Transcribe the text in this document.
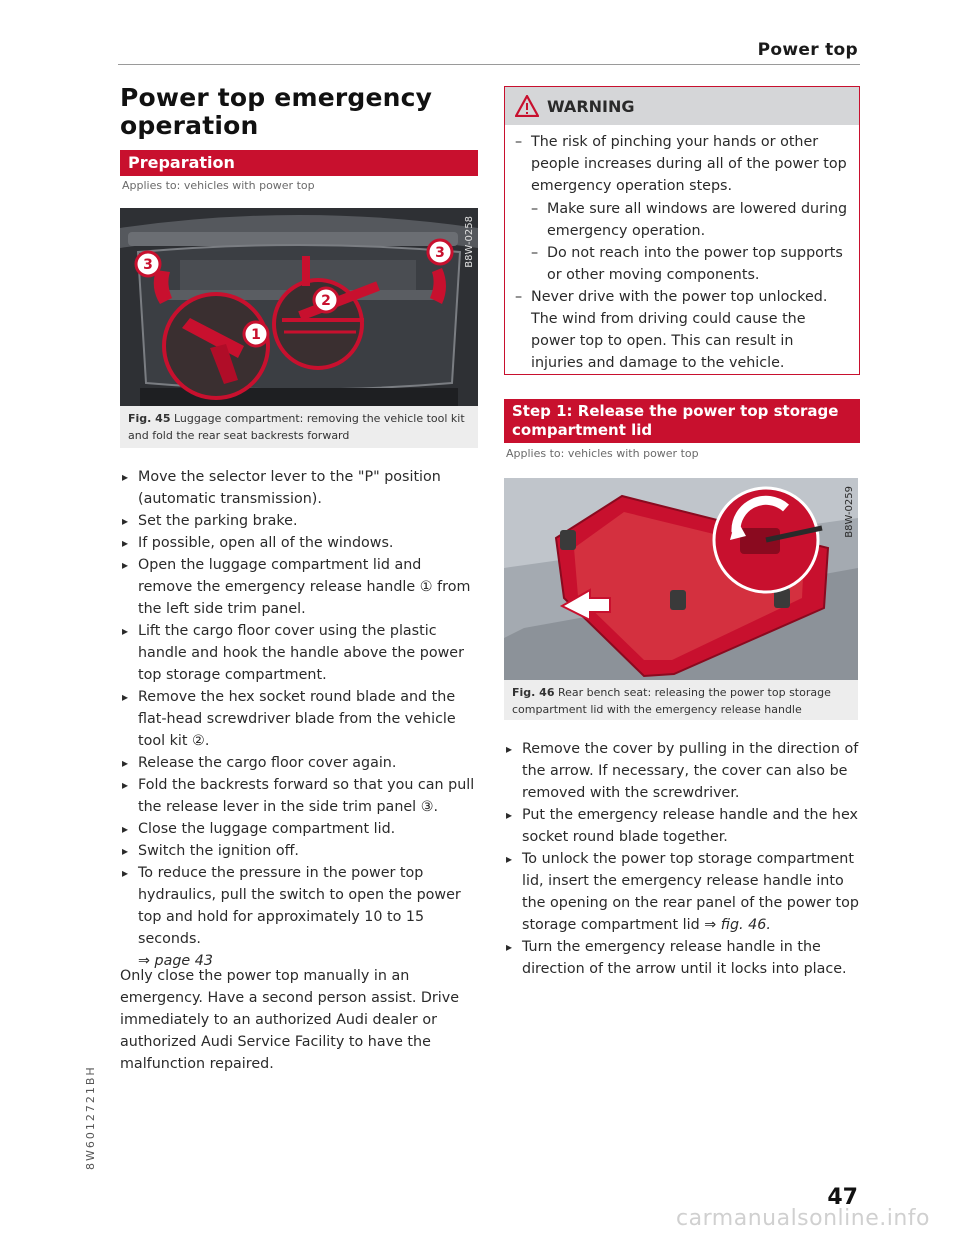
Power top
Power top emergency operation
Preparation
Applies to: vehicles with power top
3
3
2
1
B8W-0258
Fig. 45 Luggage compartment: removing the vehicle tool kit and fold the rear seat backrests forward
▸ Move the selector lever to the "P" position (automatic transmission).
▸ Set the parking brake.
▸ If possible, open all of the windows.
▸ Open the luggage compartment lid and remove the emergency release handle ① from the left side trim panel.
▸ Lift the cargo floor cover using the plastic handle and hook the handle above the power top storage compartment.
▸ Remove the hex socket round blade and the flat-head screwdriver blade from the vehicle tool kit ②.
▸ Release the cargo floor cover again.
▸ Fold the backrests forward so that you can pull the release lever in the side trim panel ③.
▸ Close the luggage compartment lid.
▸ Switch the ignition off.
▸ To reduce the pressure in the power top hydraulics, pull the switch to open the power top and hold for approximately 10 to 15 seconds.
⇒ page 43

Only close the power top manually in an emergency. Have a second person assist. Drive immediately to an authorized Audi dealer or authorized Audi Service Facility to have the malfunction repaired.

WARNING
– The risk of pinching your hands or other people increases during all of the power top emergency operation steps.
– Make sure all windows are lowered during emergency operation.
– Do not reach into the power top supports or other moving components.
– Never drive with the power top unlocked. The wind from driving could cause the power top to open. This can result in injuries and damage to the vehicle.
Step 1: Release the power top storage compartment lid
Applies to: vehicles with power top
B8W-0259
Fig. 46 Rear bench seat: releasing the power top storage compartment lid with the emergency release handle
▸ Remove the cover by pulling in the direction of the arrow. If necessary, the cover can also be removed with the screwdriver.
▸ Put the emergency release handle and the hex socket round blade together.
▸ To unlock the power top storage compartment lid, insert the emergency release handle into the opening on the rear panel of the power top storage compartment lid ⇒ fig. 46.
▸ Turn the emergency release handle in the direction of the arrow until it locks into place.
8W6012721BH
47
carmanualsonline.info
